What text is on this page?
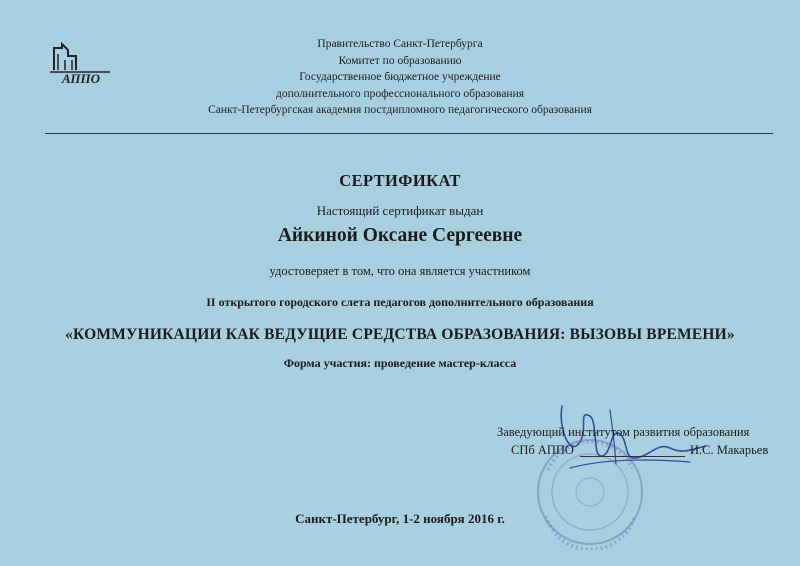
АППО
Правительство Санкт-Петербурга
Комитет по образованию
Государственное бюджетное учреждение
дополнительного профессионального образования
Санкт-Петербургская академия постдипломного педагогического образования
СЕРТИФИКАТ
Настоящий сертификат выдан
Айкиной Оксане Сергеевне
удостоверяет в том, что она является участником
II открытого городского слета педагогов дополнительного образования
«КОММУНИКАЦИИ КАК ВЕДУЩИЕ СРЕДСТВА ОБРАЗОВАНИЯ: ВЫЗОВЫ ВРЕМЕНИ»
Форма участия: проведение мастер-класса
Заведующий институтом развития образования
СПб АППО	И.С. Макарьев
Санкт-Петербург, 1-2 ноября 2016 г.
